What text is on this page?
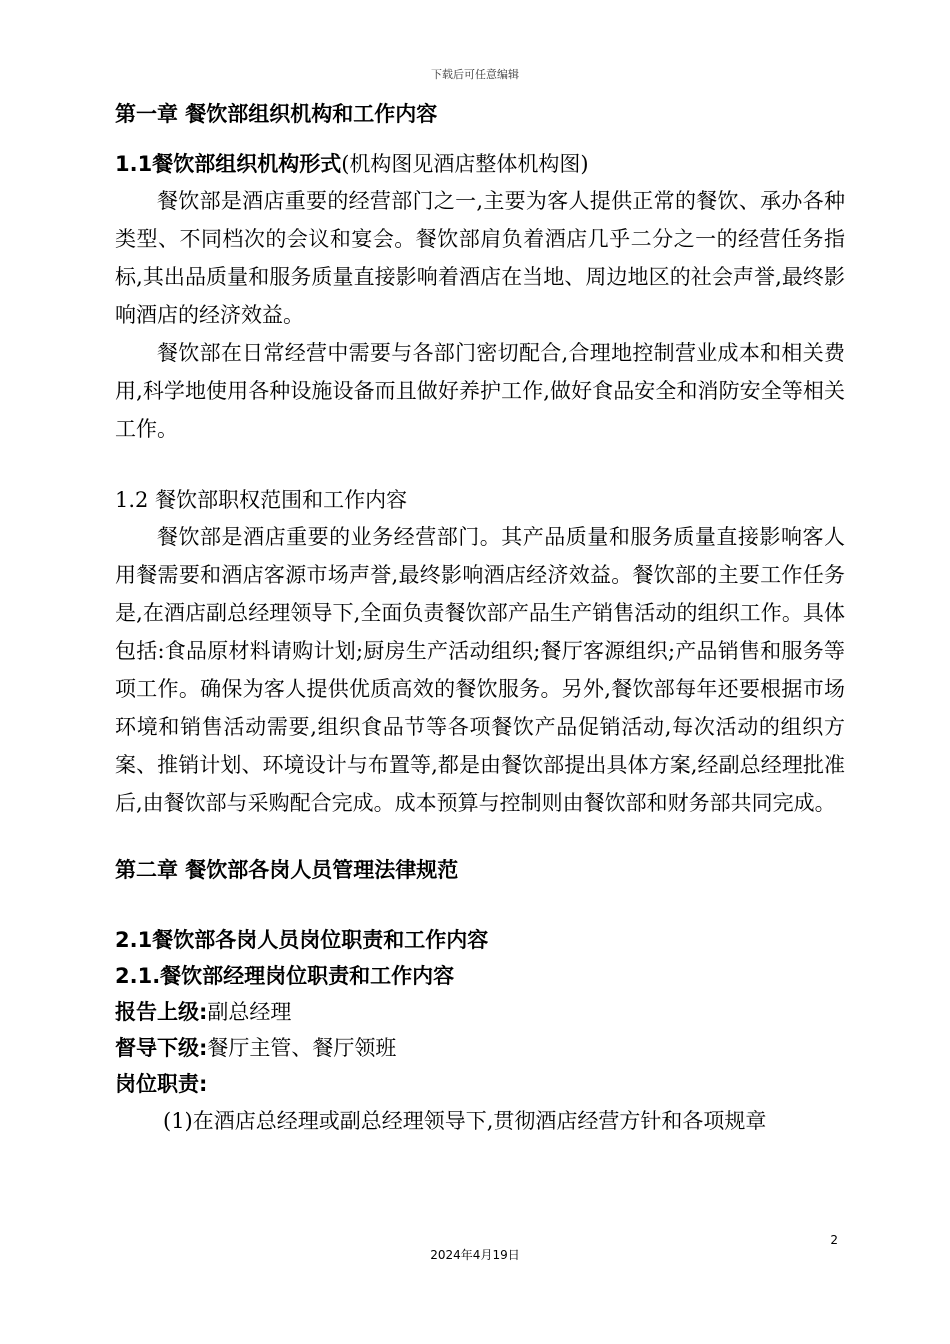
下载后可任意编辑
第一章 餐饮部组织机构和工作内容
1.1餐饮部组织机构形式(机构图见酒店整体机构图)

餐饮部是酒店重要的经营部门之一,主要为客人提供正常的餐饮、承办各种类型、不同档次的会议和宴会。餐饮部肩负着酒店几乎二分之一的经营任务指标,其出品质量和服务质量直接影响着酒店在当地、周边地区的社会声誉,最终影响酒店的经济效益。

餐饮部在日常经营中需要与各部门密切配合,合理地控制营业成本和相关费用,科学地使用各种设施设备而且做好养护工作,做好食品安全和消防安全等相关工作。

1.2 餐饮部职权范围和工作内容

餐饮部是酒店重要的业务经营部门。其产品质量和服务质量直接影响客人用餐需要和酒店客源市场声誉,最终影响酒店经济效益。餐饮部的主要工作任务是,在酒店副总经理领导下,全面负责餐饮部产品生产销售活动的组织工作。具体包括:食品原材料请购计划;厨房生产活动组织;餐厅客源组织;产品销售和服务等项工作。确保为客人提供优质高效的餐饮服务。另外,餐饮部每年还要根据市场环境和销售活动需要,组织食品节等各项餐饮产品促销活动,每次活动的组织方案、推销计划、环境设计与布置等,都是由餐饮部提出具体方案,经副总经理批准后,由餐饮部与采购配合完成。成本预算与控制则由餐饮部和财务部共同完成。

第二章 餐饮部各岗人员管理法律规范
2.1餐饮部各岗人员岗位职责和工作内容
2.1.餐饮部经理岗位职责和工作内容
报告上级:副总经理
督导下级:餐厅主管、餐厅领班
岗位职责:
(1)在酒店总经理或副总经理领导下,贯彻酒店经营方针和各项规章
2
2024年4月19日
